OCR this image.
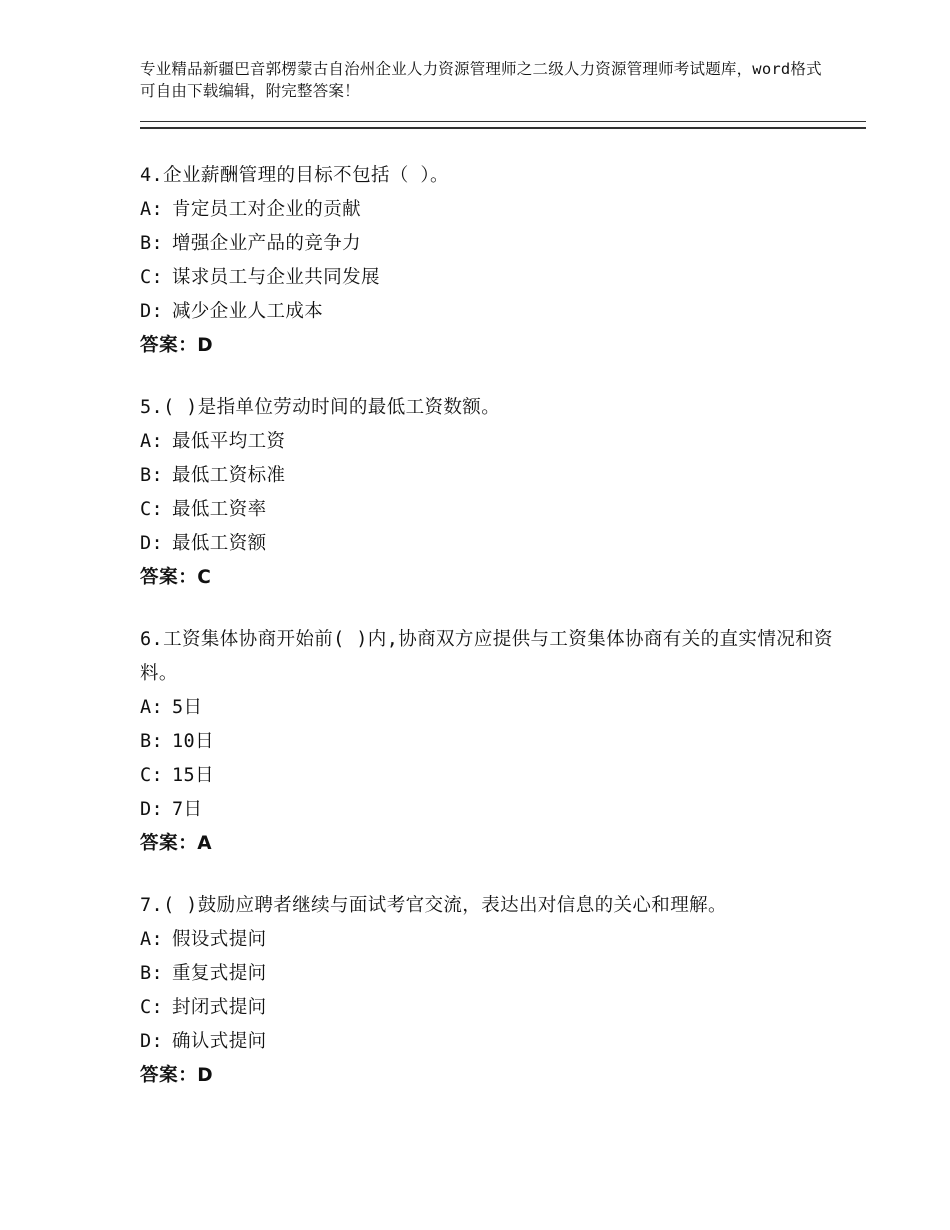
专业精品新疆巴音郭楞蒙古自治州企业人力资源管理师之二级人力资源管理师考试题库，word格式可自由下载编辑，附完整答案！
4.企业薪酬管理的目标不包括（ ）。
A: 肯定员工对企业的贡献
B: 增强企业产品的竞争力
C: 谋求员工与企业共同发展
D: 减少企业人工成本
答案：D
5.( )是指单位劳动时间的最低工资数额。
A: 最低平均工资
B: 最低工资标准
C: 最低工资率
D: 最低工资额
答案：C
6.工资集体协商开始前( )内,协商双方应提供与工资集体协商有关的直实情况和资料。
A: 5日
B: 10日
C: 15日
D: 7日
答案：A
7.( )鼓励应聘者继续与面试考官交流，表达出对信息的关心和理解。
A: 假设式提问
B: 重复式提问
C: 封闭式提问
D: 确认式提问
答案：D
